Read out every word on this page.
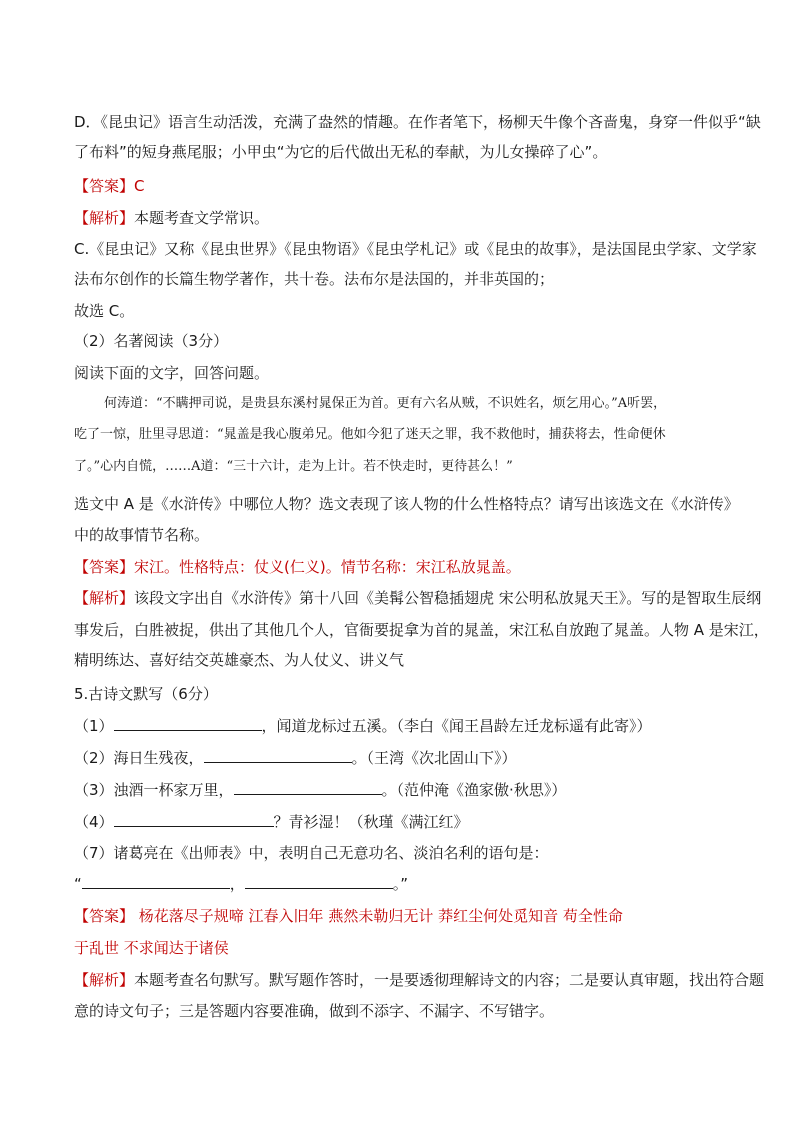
D．《昆虫记》语言生动活泼，充满了盎然的情趣。在作者笔下，杨柳天牛像个吝啬鬼，身穿一件似乎“缺
了布料”的短身燕尾服；小甲虫“为它的后代做出无私的奉献，为儿女操碎了心”。
【答案】C
【解析】本题考查文学常识。
C.《昆虫记》又称《昆虫世界》《昆虫物语》《昆虫学札记》或《昆虫的故事》，是法国昆虫学家、文学家
法布尔创作的长篇生物学著作，共十卷。法布尔是法国的，并非英国的；
故选 C。
（2）名著阅读（3分）
阅读下面的文字，回答问题。
何涛道：“不瞒押司说，是贵县东溪村晁保正为首。更有六名从贼，不识姓名，烦乞用心。”A听罢，
吃了一惊，肚里寻思道：“晁盖是我心腹弟兄。他如今犯了迷天之罪，我不救他时，捕获将去，性命便休
了。”心内自慌，……A道：“三十六计，走为上计。若不快走时，更待甚么！”
选文中 A 是《水浒传》中哪位人物？选文表现了该人物的什么性格特点？请写出该选文在《水浒传》
中的故事情节名称。
【答案】宋江。性格特点：仗义(仁义)。情节名称：宋江私放晁盖。
【解析】该段文字出自《水浒传》第十八回《美髯公智稳插翅虎 宋公明私放晁天王》。写的是智取生辰纲
事发后，白胜被捉，供出了其他几个人，官衙要捉拿为首的晁盖，宋江私自放跑了晁盖。人物 A 是宋江，
精明练达、喜好结交英雄豪杰、为人仗义、讲义气
5.古诗文默写（6分）
（1）	，闻道龙标过五溪。（李白《闻王昌龄左迁龙标遥有此寄》）
（2）海日生残夜，	。（王湾《次北固山下》）
（3）浊酒一杯家万里，	。（范仲淹《渔家傲·秋思》）
（4）	？青衫湿！（秋瑾《满江红》
（7）诸葛亮在《出师表》中，表明自己无意功名、淡泊名利的语句是：
“	，	。”
【答案】 杨花落尽子规啼 江春入旧年 燕然未勒归无计 莽红尘何处觅知音 苟全性命
于乱世 不求闻达于诸侯
【解析】本题考查名句默写。默写题作答时，一是要透彻理解诗文的内容；二是要认真审题，找出符合题
意的诗文句子；三是答题内容要准确，做到不添字、不漏字、不写错字。
